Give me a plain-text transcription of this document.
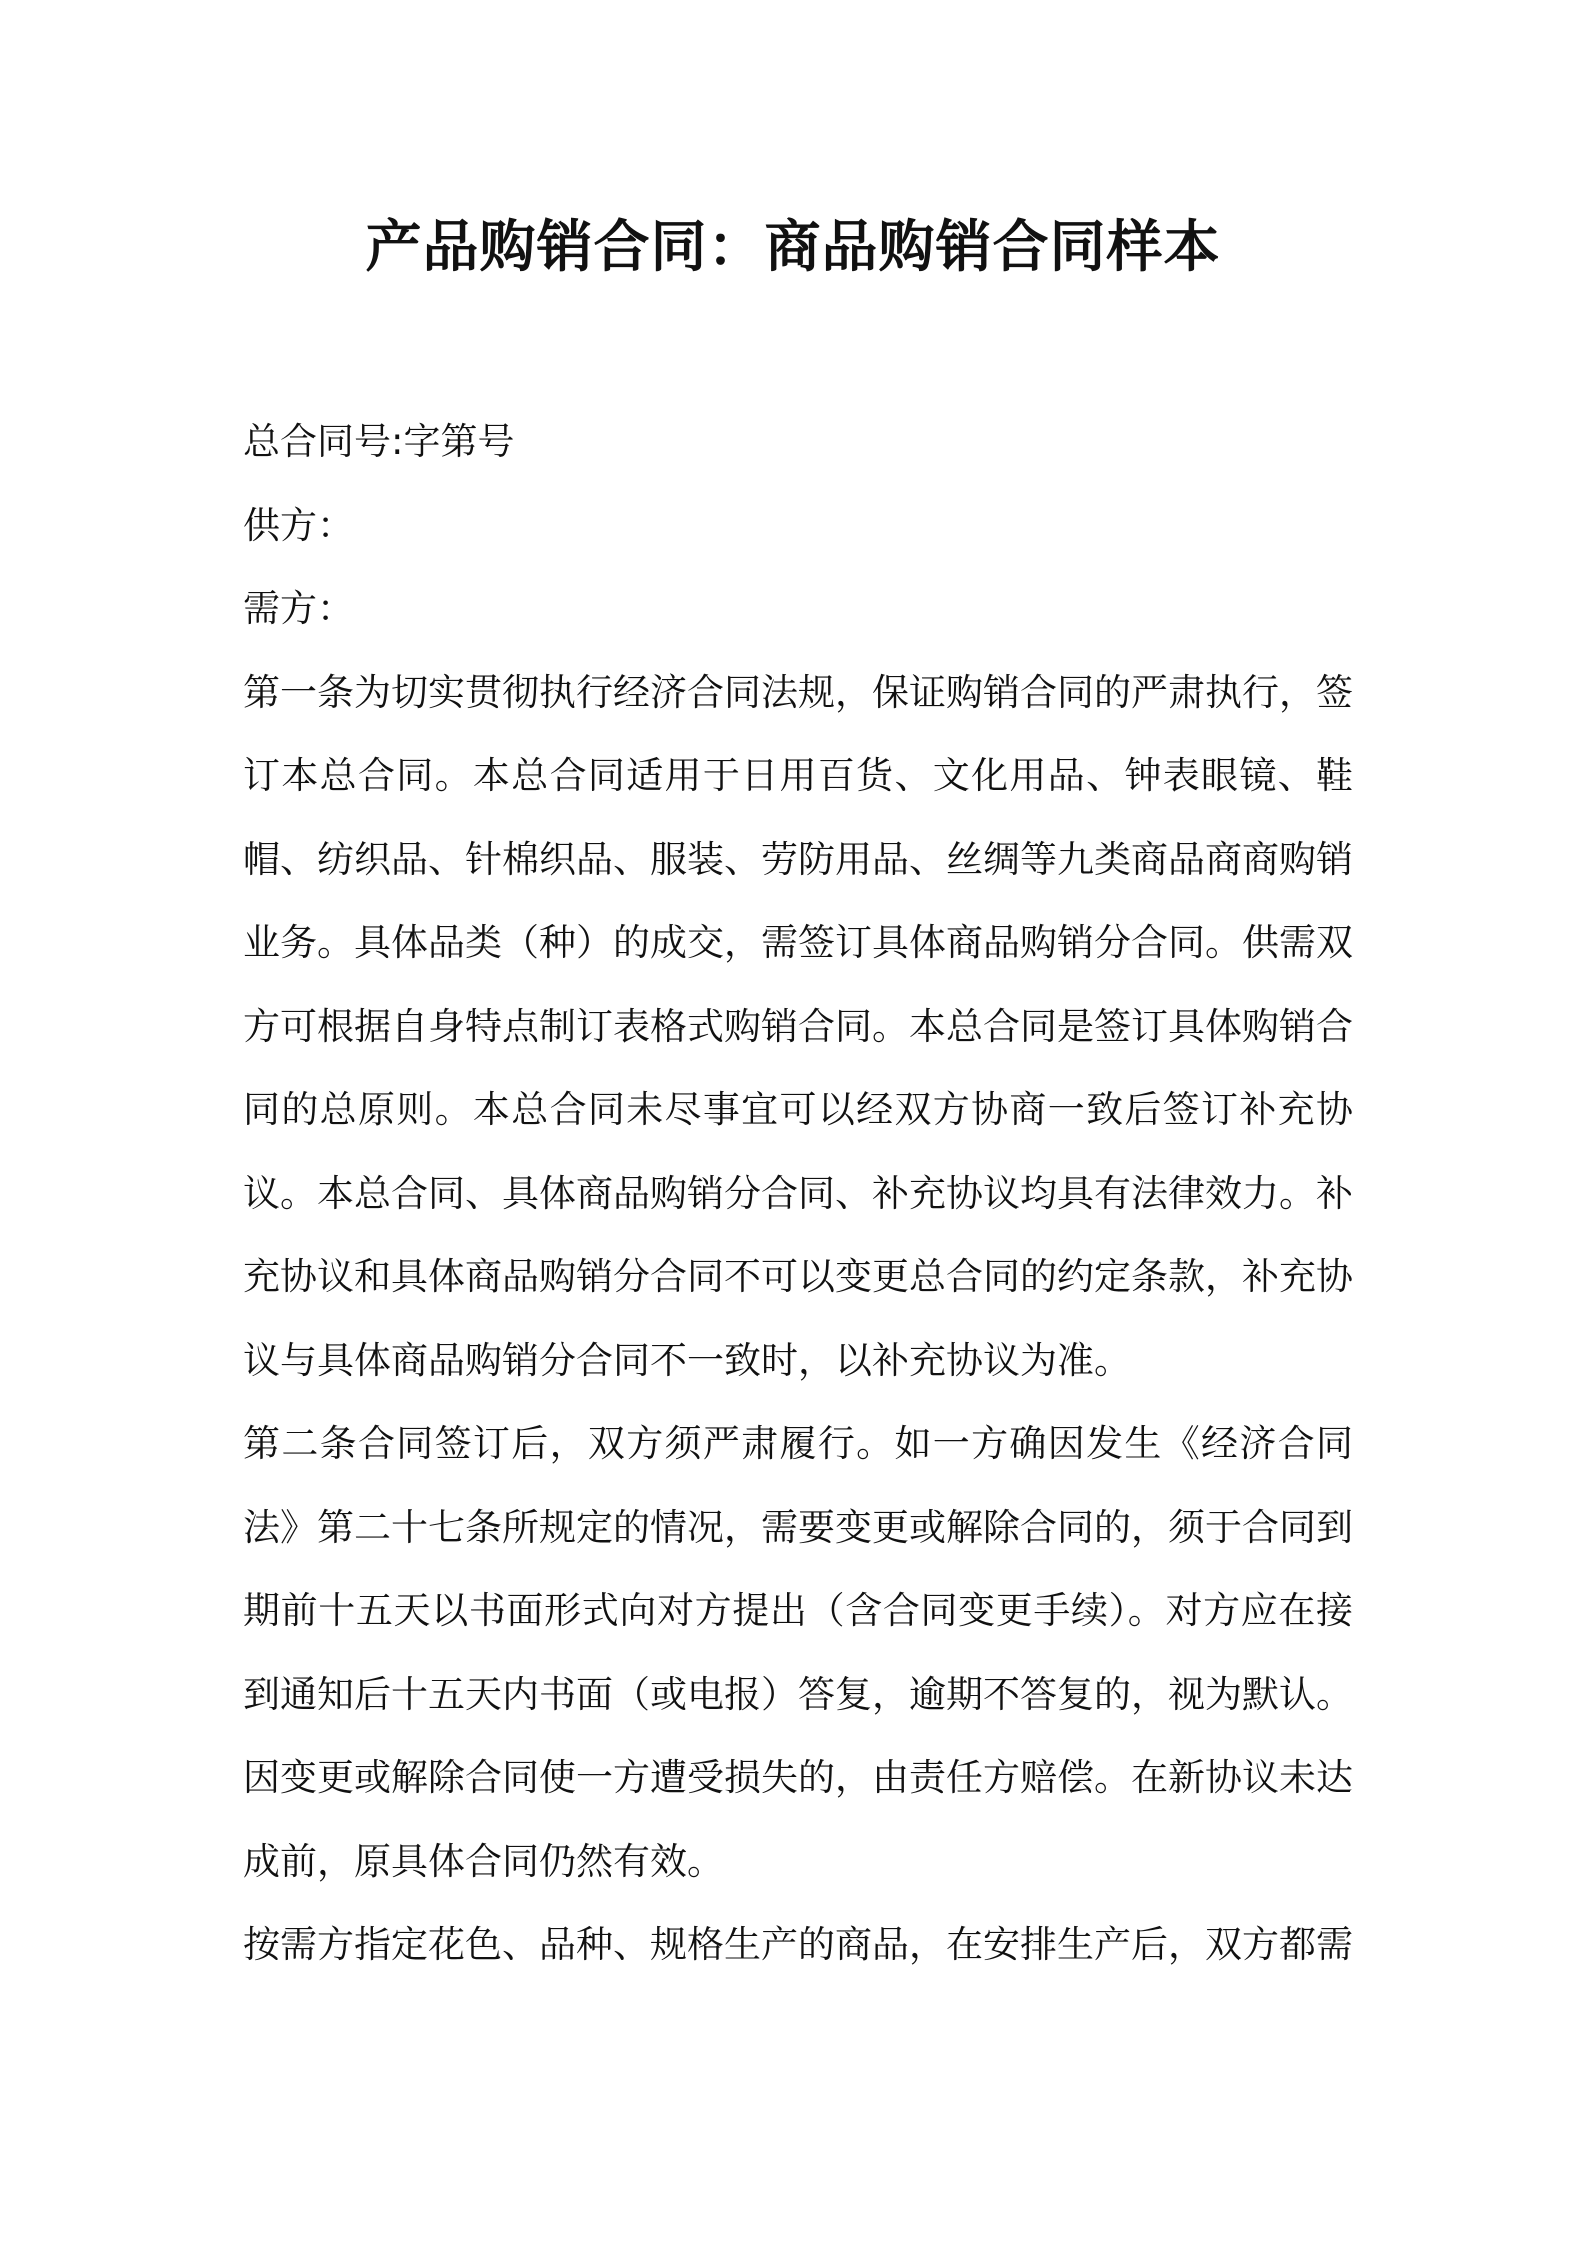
产品购销合同：商品购销合同样本
总合同号:字第号
供方：
需方：

第一条为切实贯彻执行经济合同法规，保证购销合同的严肃执行，签订本总合同。本总合同适用于日用百货、文化用品、钟表眼镜、鞋帽、纺织品、针棉织品、服装、劳防用品、丝绸等九类商品商商购销业务。具体品类（种）的成交，需签订具体商品购销分合同。供需双方可根据自身特点制订表格式购销合同。本总合同是签订具体购销合同的总原则。本总合同未尽事宜可以经双方协商一致后签订补充协议。本总合同、具体商品购销分合同、补充协议均具有法律效力。补充协议和具体商品购销分合同不可以变更总合同的约定条款，补充协议与具体商品购销分合同不一致时，以补充协议为准。

第二条合同签订后，双方须严肃履行。如一方确因发生《经济合同法》第二十七条所规定的情况，需要变更或解除合同的，须于合同到期前十五天以书面形式向对方提出（含合同变更手续）。对方应在接到通知后十五天内书面（或电报）答复，逾期不答复的，视为默认。因变更或解除合同使一方遭受损失的，由责任方赔偿。在新协议未达成前，原具体合同仍然有效。

按需方指定花色、品种、规格生产的商品，在安排生产后，双方都需
